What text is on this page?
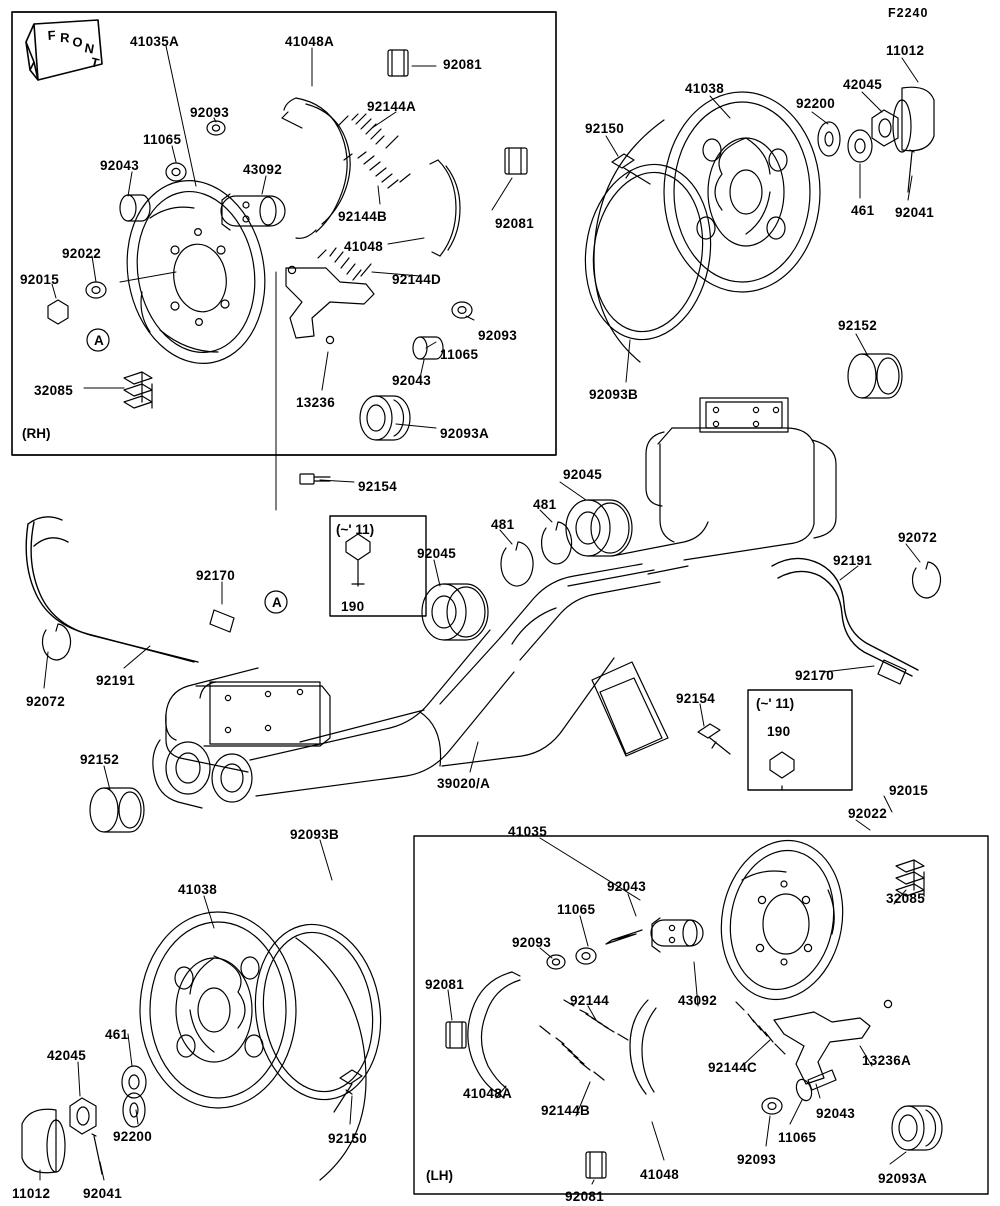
F R O N
T
F2240
(RH)
(LH)
(~' 11)
(~' 11)
A
A
41035A	41048A
92081
92093	92144A
11065
92043	43092
92144B	92081
41048
92022
92144D
92015
92093
11065
92043
32085
13236
92093A
92154
11012
42045
41038
92200
92150
461 92041
92152
92093B
92045
481
481
92045
92072
92191
92170
190
92072
92191	92170
92154
190
92152
39020/A	92015
92022
92093B
41038
461
42045
92200	92150
11012 92041
41035
92043
11065
92093
32085
43092
92144
92081
92144C	13236A
41048A
92144B	92043
11065
92093
41048	92093A
92081
